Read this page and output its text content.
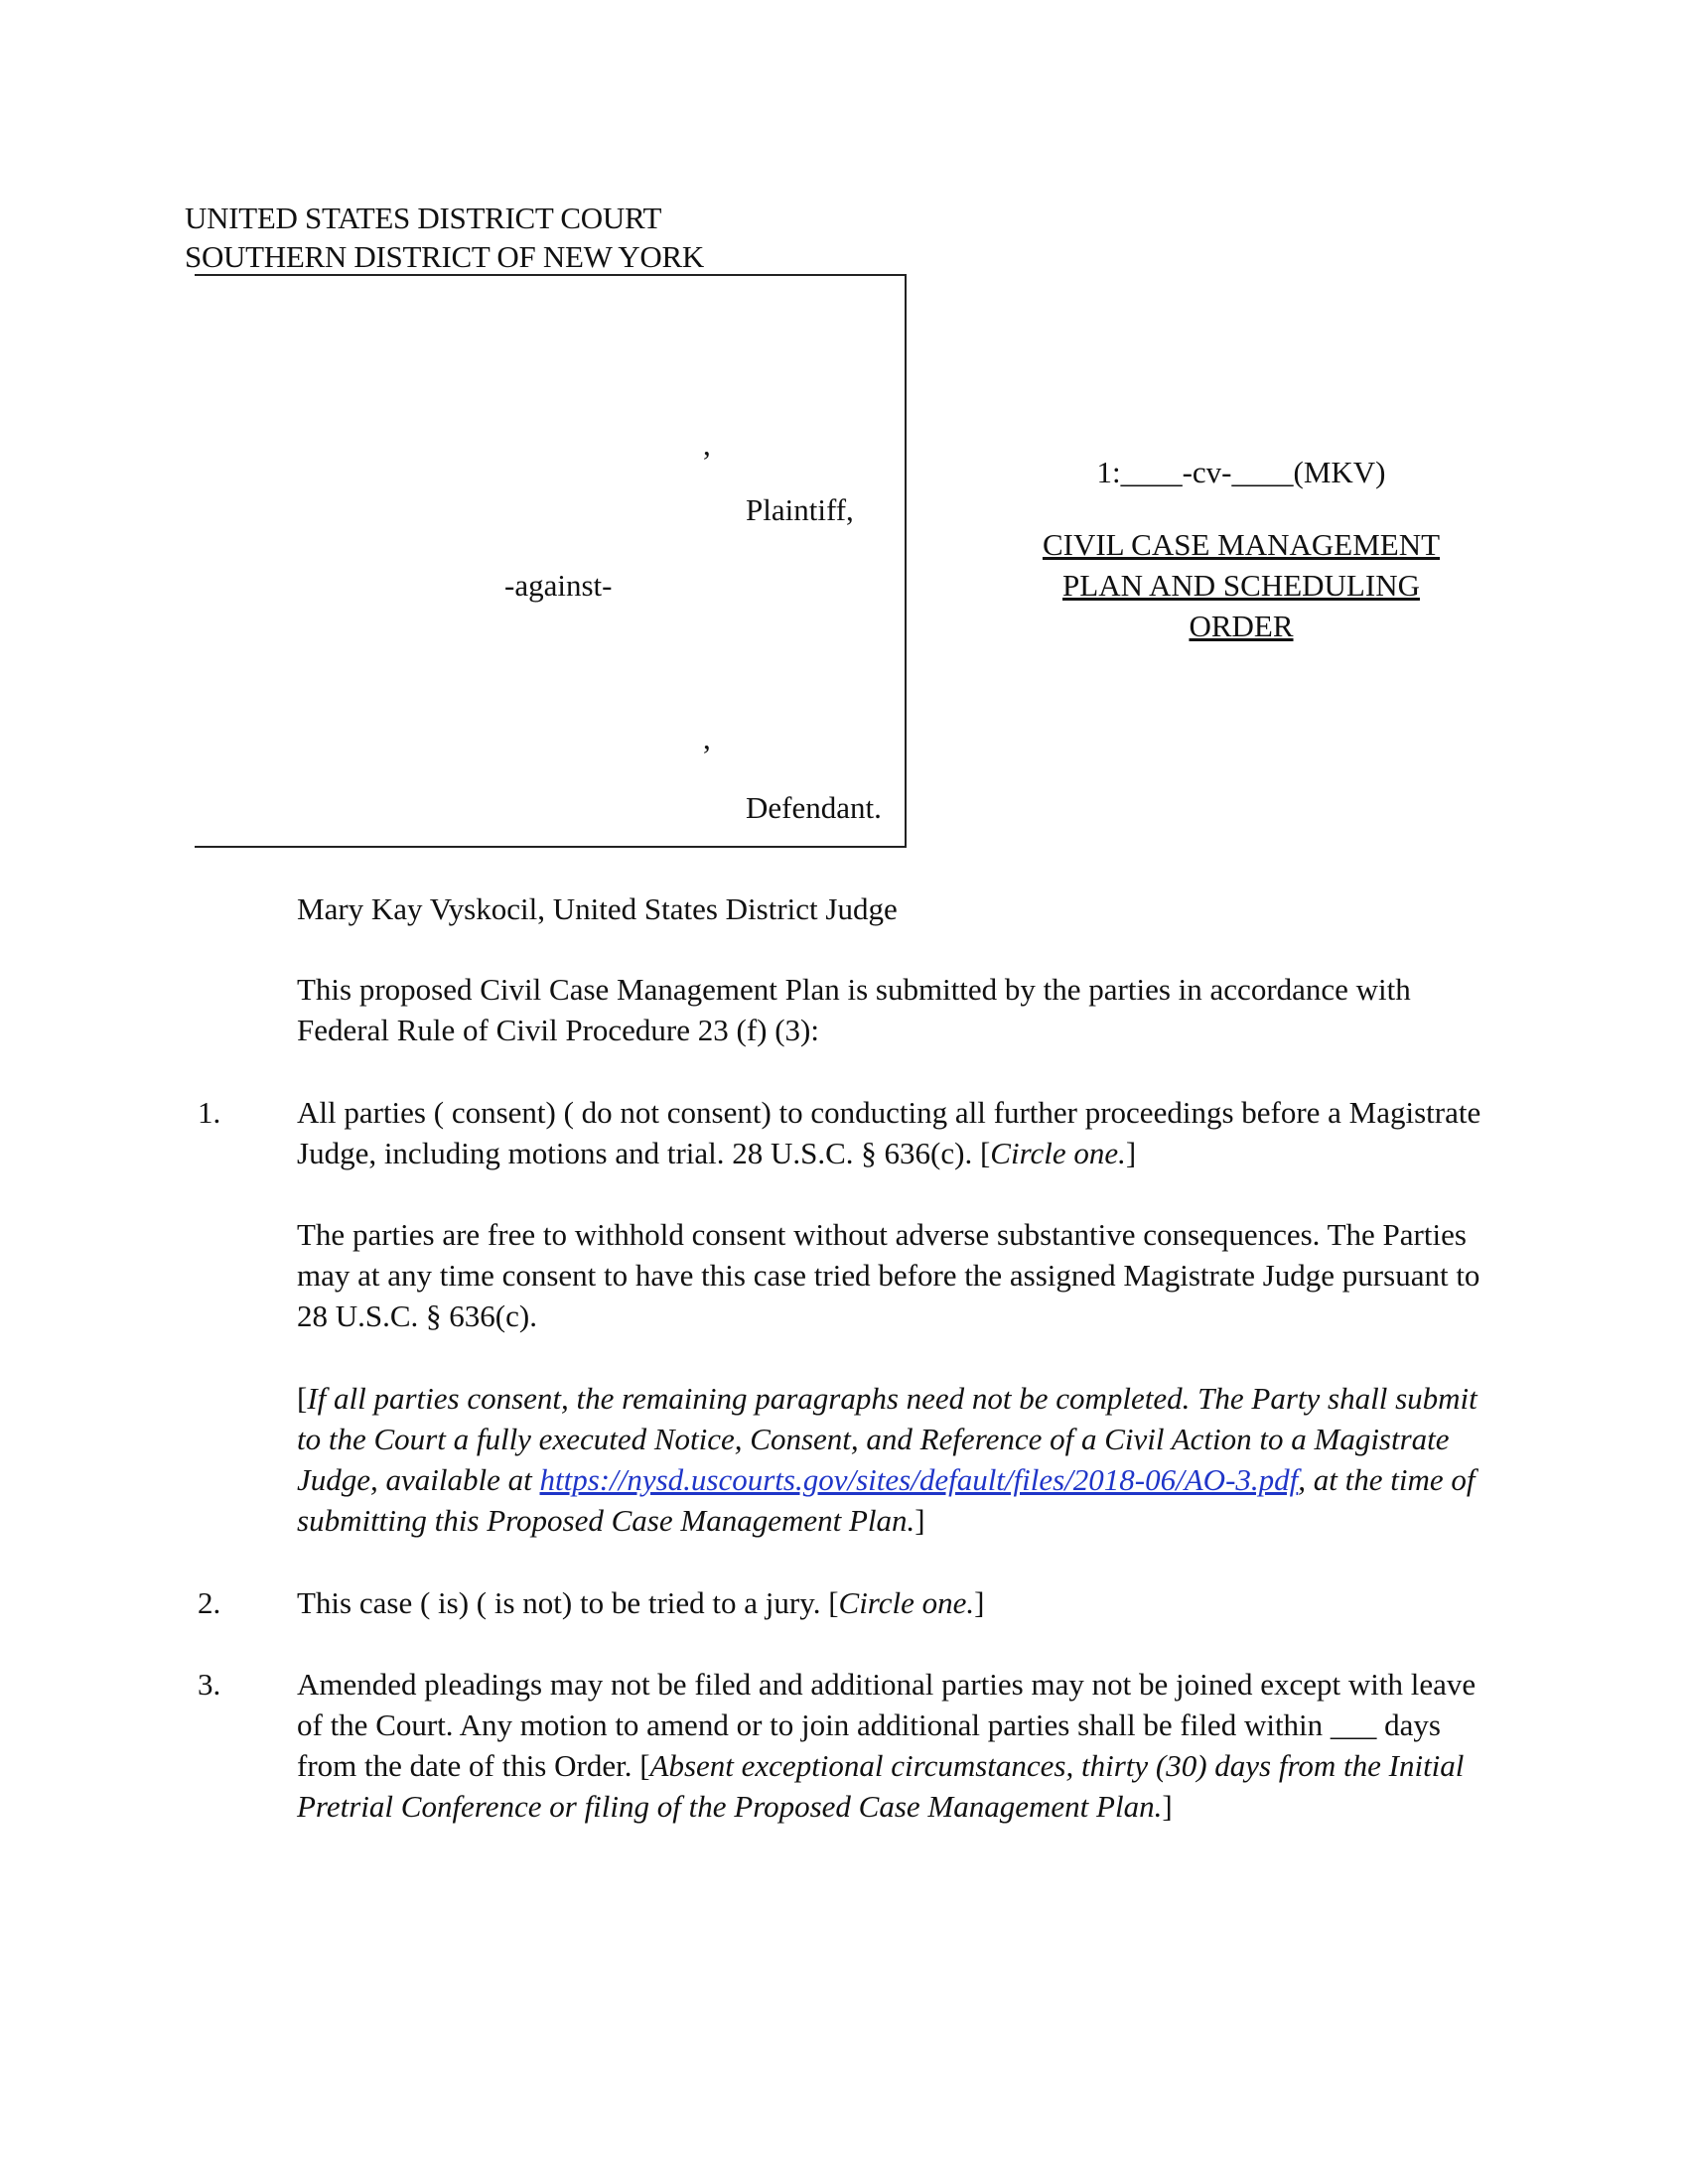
UNITED STATES DISTRICT COURT
SOUTHERN DISTRICT OF NEW YORK
,
Plaintiff,
-against-
,
Defendant.
1:____-cv-____(MKV)
CIVIL CASE MANAGEMENT
PLAN AND SCHEDULING
ORDER
Mary Kay Vyskocil, United States District Judge
This proposed Civil Case Management Plan is submitted by the parties in accordance with Federal Rule of Civil Procedure 23 (f) (3):
1. All parties ( consent) ( do not consent) to conducting all further proceedings before a Magistrate Judge, including motions and trial. 28 U.S.C. § 636(c). [Circle one.]
The parties are free to withhold consent without adverse substantive consequences. The Parties may at any time consent to have this case tried before the assigned Magistrate Judge pursuant to 28 U.S.C. § 636(c).
[If all parties consent, the remaining paragraphs need not be completed. The Party shall submit to the Court a fully executed Notice, Consent, and Reference of a Civil Action to a Magistrate Judge, available at https://nysd.uscourts.gov/sites/default/files/2018-06/AO-3.pdf, at the time of submitting this Proposed Case Management Plan.]
2. This case ( is) ( is not) to be tried to a jury. [Circle one.]
3. Amended pleadings may not be filed and additional parties may not be joined except with leave of the Court. Any motion to amend or to join additional parties shall be filed within ___ days from the date of this Order. [Absent exceptional circumstances, thirty (30) days from the Initial Pretrial Conference or filing of the Proposed Case Management Plan.]
